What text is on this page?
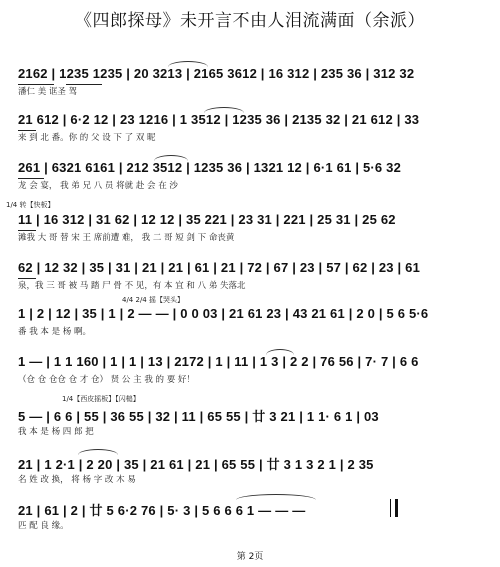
《四郎探母》未开言不由人泪流满面（余派）
2162 | 1235 1235 | 20 3213 | 2165 3612 | 16 312 | 235 36 | 312 32
潘仁 美 诓圣 驾
21 612 | 6·2 12 | 23 1216 | 1 3512 | 1235 36 | 2135 32 | 21 612 | 33
来 到 北 番。你 的 父 设 下 了 双 昵
261 | 6321 6161 | 212 3512 | 1235 36 | 1321 12 | 6·1 61 | 5·6 32
龙 会 宴， 我 弟 兄 八 员 将就 赴 会 在 沙
1/4 转【快板】
11 | 16 312 | 31 62 | 12 12 | 35 221 | 23 31 | 221 | 25 31 | 25 62
滩我 大 哥 替 宋 王 席前遭 难， 我 二 哥 短 剑 下 命丧黄
62 | 12 32 | 35 | 31 | 21 | 21 | 61 | 21 | 72 | 67 | 23 | 57 | 62 | 23 | 61
泉，我 三 哥 被 马 踏 尸 骨 不 见，有 本 宜 和 八 弟 失落北
4/4 2/4 摇【哭头】
1 | 2 | 12 | 35 | 1 | 2 — — | 0 0 03 | 21 61 23 | 43 21 61 | 2 0 | 5 6 5·6
番 我 本 是 杨 啊。
1 — | 1 1 160 | 1 | 1 | 13 | 2172 | 1 | 11 | 1 3 | 2 2 | 76 56 | 7· 7 | 6 6
（仓 仓 仓仓 仓 才 仓） 贤 公 主 我 的 要 好！
1/4【西皮摇板】【闪槌】
5 — | 6 6 | 55 | 36 55 | 32 | 11 | 65 55 | 廿 3 21 | 1 1· 6 1 | 03
我 本 是 杨 四 郎 把
21 | 1 2·1 | 2 20 | 35 | 21 61 | 21 | 65 55 | 廿 3 1 3 2 1 | 2 35
名 姓 改 换， 将 杨 字 改 木 易
21 | 61 | 2 | 廿 5 6·2 76 | 5· 3 | 5 6 6 6 1 — — —
匹 配 良 缘。
第 2页
